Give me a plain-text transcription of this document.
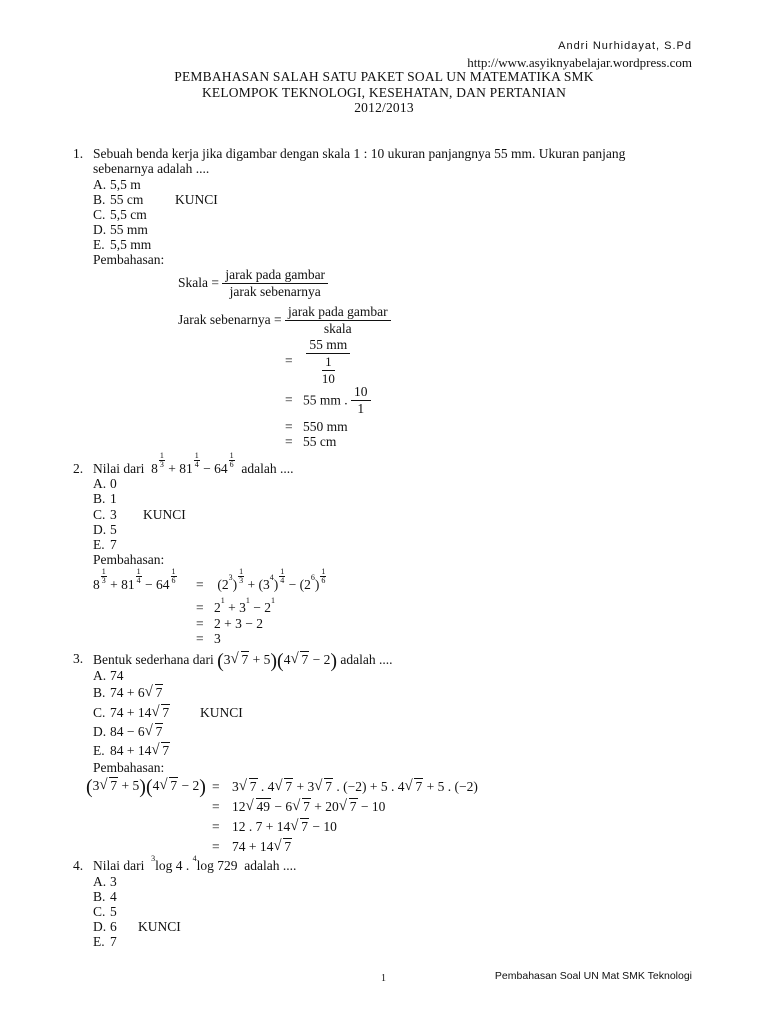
Andri Nurhidayat, S.Pd
http://www.asyiknyabelajar.wordpress.com
PEMBAHASAN SALAH SATU PAKET SOAL UN MATEMATIKA SMK
KELOMPOK TEKNOLOGI, KESEHATAN, DAN PERTANIAN
2012/2013
1. Sebuah benda kerja jika digambar dengan skala 1 : 10 ukuran panjangnya 55 mm. Ukuran panjang
sebenarnya adalah ....
A. 5,5 m
B. 55 cm KUNCI
C. 5,5 cm
D. 55 mm
E. 5,5 mm
Pembahasan:
Skala = $\frac{\text{jarak pada gambar}}{\text{jarak sebenarnya}}$
Jarak sebenarnya = $\frac{\text{jarak pada gambar}}{\text{skala}}$
= $\frac{55 mm}{\frac{1}{10}}$
= 55 mm . $\frac{10}{1}$
= 550 mm
= 55 cm
2. Nilai dari $8 \frac{1}{3} + 81 \frac{1}{4} - 64 \frac{1}{6}$ adalah ....
A. 0
B. 1
C. 3 KUNCI
D. 5
E. 7
Pembahasan:
$8 \frac{1}{3} + 81 \frac{1}{4} - 64 \frac{1}{6} = (2^3) \frac{1}{3} + (3^4) \frac{1}{4} - (2^6) \frac{1}{6}$
= $2^1 + 3^1 - 2^1$
= 2 + 3 − 2
= 3
3. Bentuk sederhana dari (3 √ 7 + 5)(4 √ 7 − 2) adalah ....
A. 74
B. 74 + 6 √ 7
C. 74 + 14 √ 7 KUNCI
D. 84 − 6 √ 7
E. 84 + 14 √ 7
Pembahasan:
(3 √ 7 + 5)(4 √ 7 − 2) = 3 √ 7 . 4 √ 7 + 3 √ 7 . (−2) + 5 . 4 √ 7 + 5 . (−2)
= 12 √ 49 − 6 √ 7 + 20 √ 7 − 10
= 12 . 7 + 14 √ 7 − 10
= 74 + 14 √ 7
4. Nilai dari $^3$log 4 . $^4$log 729 adalah ....
A. 3
B. 4
C. 5
D. 6 KUNCI
E. 7
1	Pembahasan Soal UN Mat SMK Teknologi
